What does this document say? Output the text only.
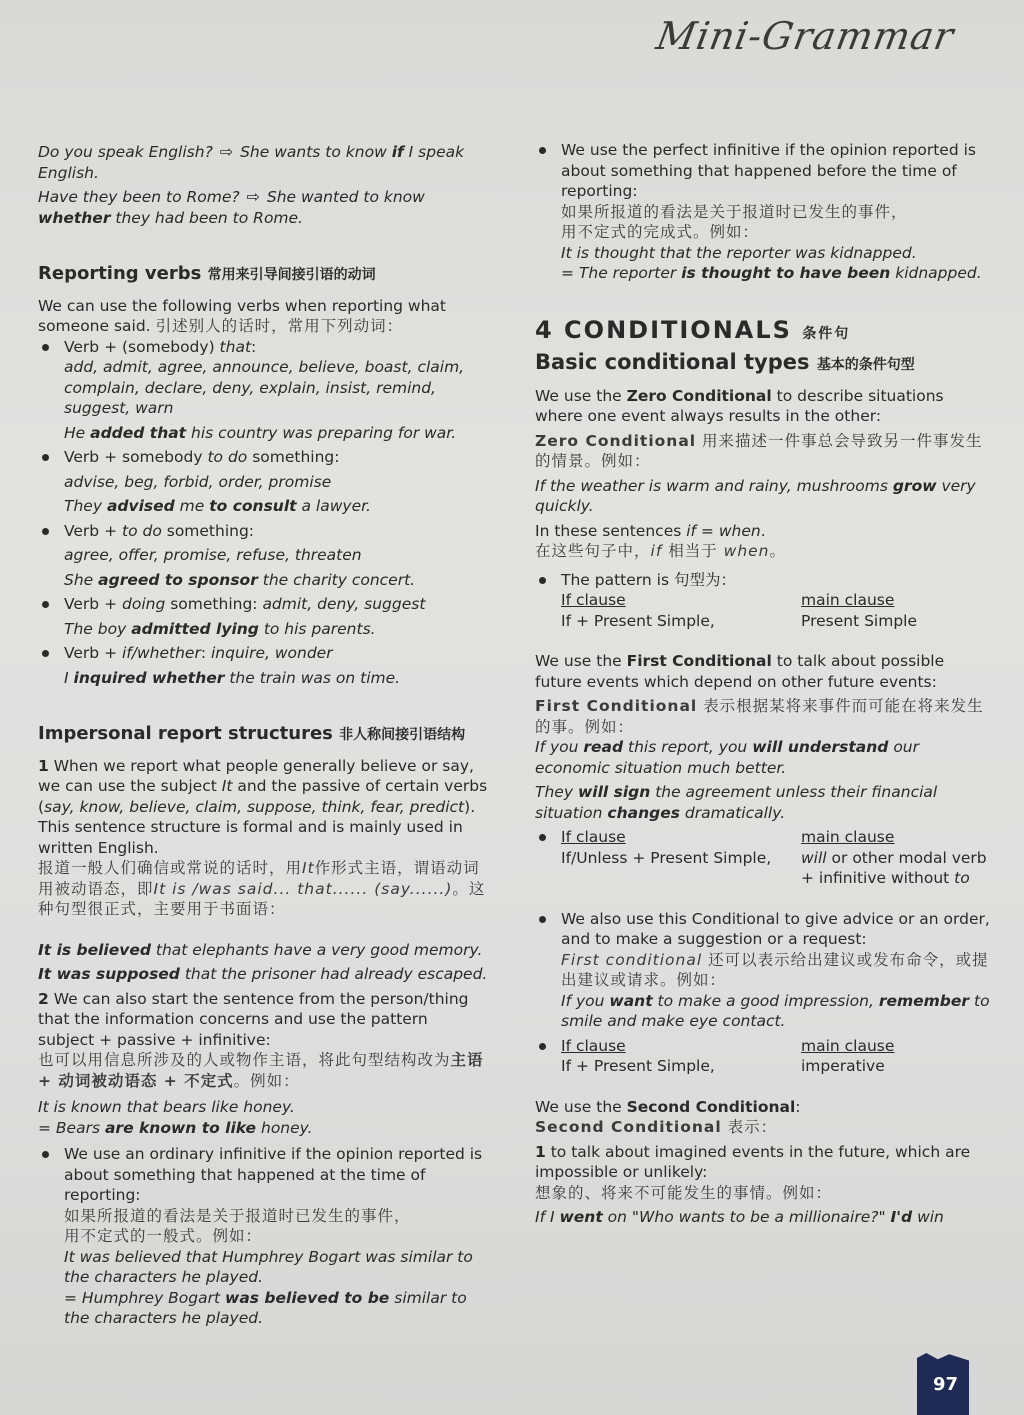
Mini-Grammar

Do you speak English? ⇨ She wants to know if I speak English.

Have they been to Rome? ⇨ She wanted to know whether they had been to Rome.

Reporting verbs 常用来引导间接引语的动词

We can use the following verbs when reporting what someone said. 引述别人的话时，常用下列动词：

Verb + (somebody) that:

add, admit, agree, announce, believe, boast, claim, complain, declare, deny, explain, insist, remind, suggest, warn

He added that his country was preparing for war.

Verb + somebody to do something:

advise, beg, forbid, order, promise

They advised me to consult a lawyer.

Verb + to do something:

agree, offer, promise, refuse, threaten

She agreed to sponsor the charity concert.

Verb + doing something: admit, deny, suggest

The boy admitted lying to his parents.

Verb + if/whether: inquire, wonder

I inquired whether the train was on time.

Impersonal report structures 非人称间接引语结构

1 When we report what people generally believe or say, we can use the subject It and the passive of certain verbs (say, know, believe, claim, suppose, think, fear, predict). This sentence structure is formal and is mainly used in written English.

报道一般人们确信或常说的话时，用It作形式主语，谓语动词用被动语态，即It is /was said... that...... (say......)。这种句型很正式，主要用于书面语：

It is believed that elephants have a very good memory.

It was supposed that the prisoner had already escaped.

2 We can also start the sentence from the person/thing that the information concerns and use the pattern subject + passive + infinitive:

也可以用信息所涉及的人或物作主语，将此句型结构改为主语 + 动词被动语态 + 不定式。例如：

It is known that bears like honey.

= Bears are known to like honey.

We use an ordinary infinitive if the opinion reported is about something that happened at the time of reporting:

如果所报道的看法是关于报道时已发生的事件，

用不定式的一般式。例如：

It was believed that Humphrey Bogart was similar to the characters he played.

= Humphrey Bogart was believed to be similar to the characters he played.

We use the perfect infinitive if the opinion reported is about something that happened before the time of reporting:

如果所报道的看法是关于报道时已发生的事件，

用不定式的完成式。例如：

It is thought that the reporter was kidnapped.

= The reporter is thought to have been kidnapped.

4 CONDITIONALS 条件句

Basic conditional types 基本的条件句型

We use the Zero Conditional to describe situations where one event always results in the other:

Zero Conditional 用来描述一件事总会导致另一件事发生的情景。例如：

If the weather is warm and rainy, mushrooms grow very quickly.

In these sentences if = when.

在这些句子中，if 相当于 when。

The pattern is 句型为：

If clause

If + Present Simple,

main clause

Present Simple

We use the First Conditional to talk about possible future events which depend on other future events:

First Conditional 表示根据某将来事件而可能在将来发生的事。例如：

If you read this report, you will understand our economic situation much better.

They will sign the agreement unless their financial situation changes dramatically.

If clause

If/Unless + Present Simple,

main clause

will or other modal verb + infinitive without to

We also use this Conditional to give advice or an order, and to make a suggestion or a request:

First conditional 还可以表示给出建议或发布命令，或提出建议或请求。例如：

If you want to make a good impression, remember to smile and make eye contact.

If clause

If + Present Simple,

main clause

imperative

We use the Second Conditional:

Second Conditional 表示：

1 to talk about imagined events in the future, which are impossible or unlikely:

想象的、将来不可能发生的事情。例如：

If I went on "Who wants to be a millionaire?" I'd win

97
